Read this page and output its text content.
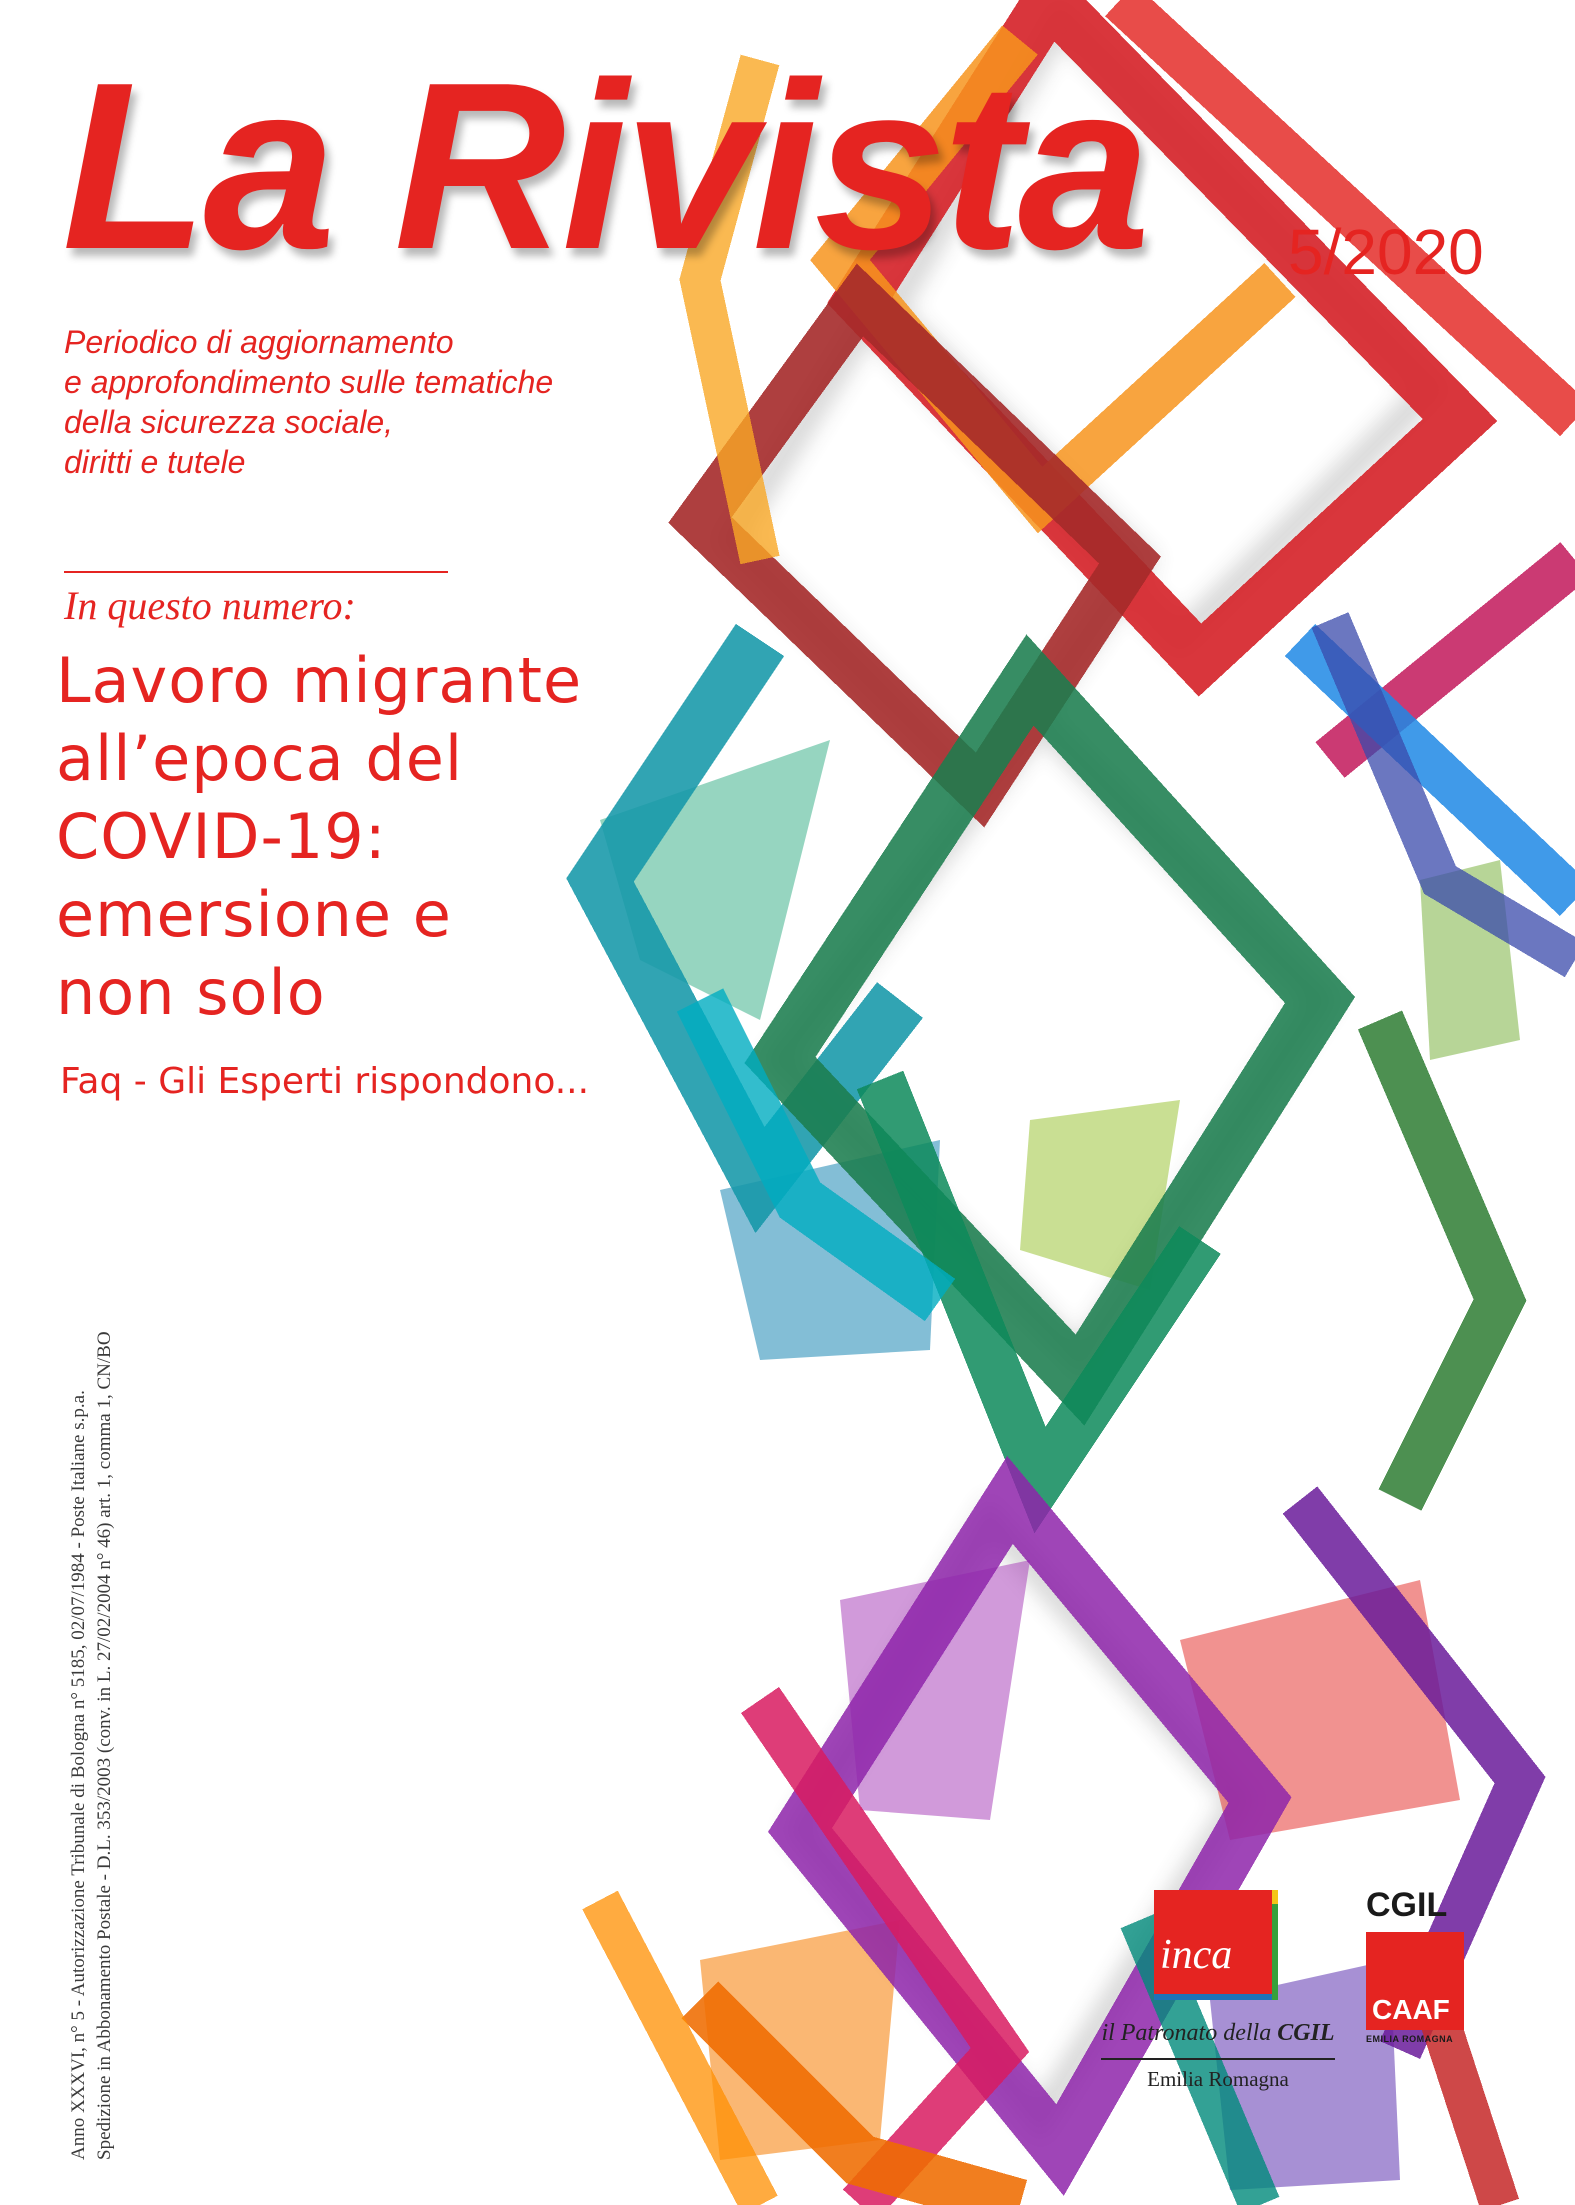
La Rivista 5/2020

Periodico di aggiornamento
e approfondimento sulle tematiche
della sicurezza sociale,
diritti e tutele

In questo numero:
Lavoro migrante
all’epoca del
COVID-19:
emersione e
non solo
Faq - Gli Esperti rispondono...
Anno XXXVI, n° 5 - Autorizzazione Tribunale di Bologna n° 5185, 02/07/1984 - Poste Italiane s.p.a. Spedizione in Abbonamento Postale - D.L. 353/2003 (conv. in L. 27/02/2004 n° 46) art. 1, comma 1, CN/BO	inca
il Patronato della CGIL
Emilia Romagna
CGIL
CAAF
EMILIA ROMAGNA
